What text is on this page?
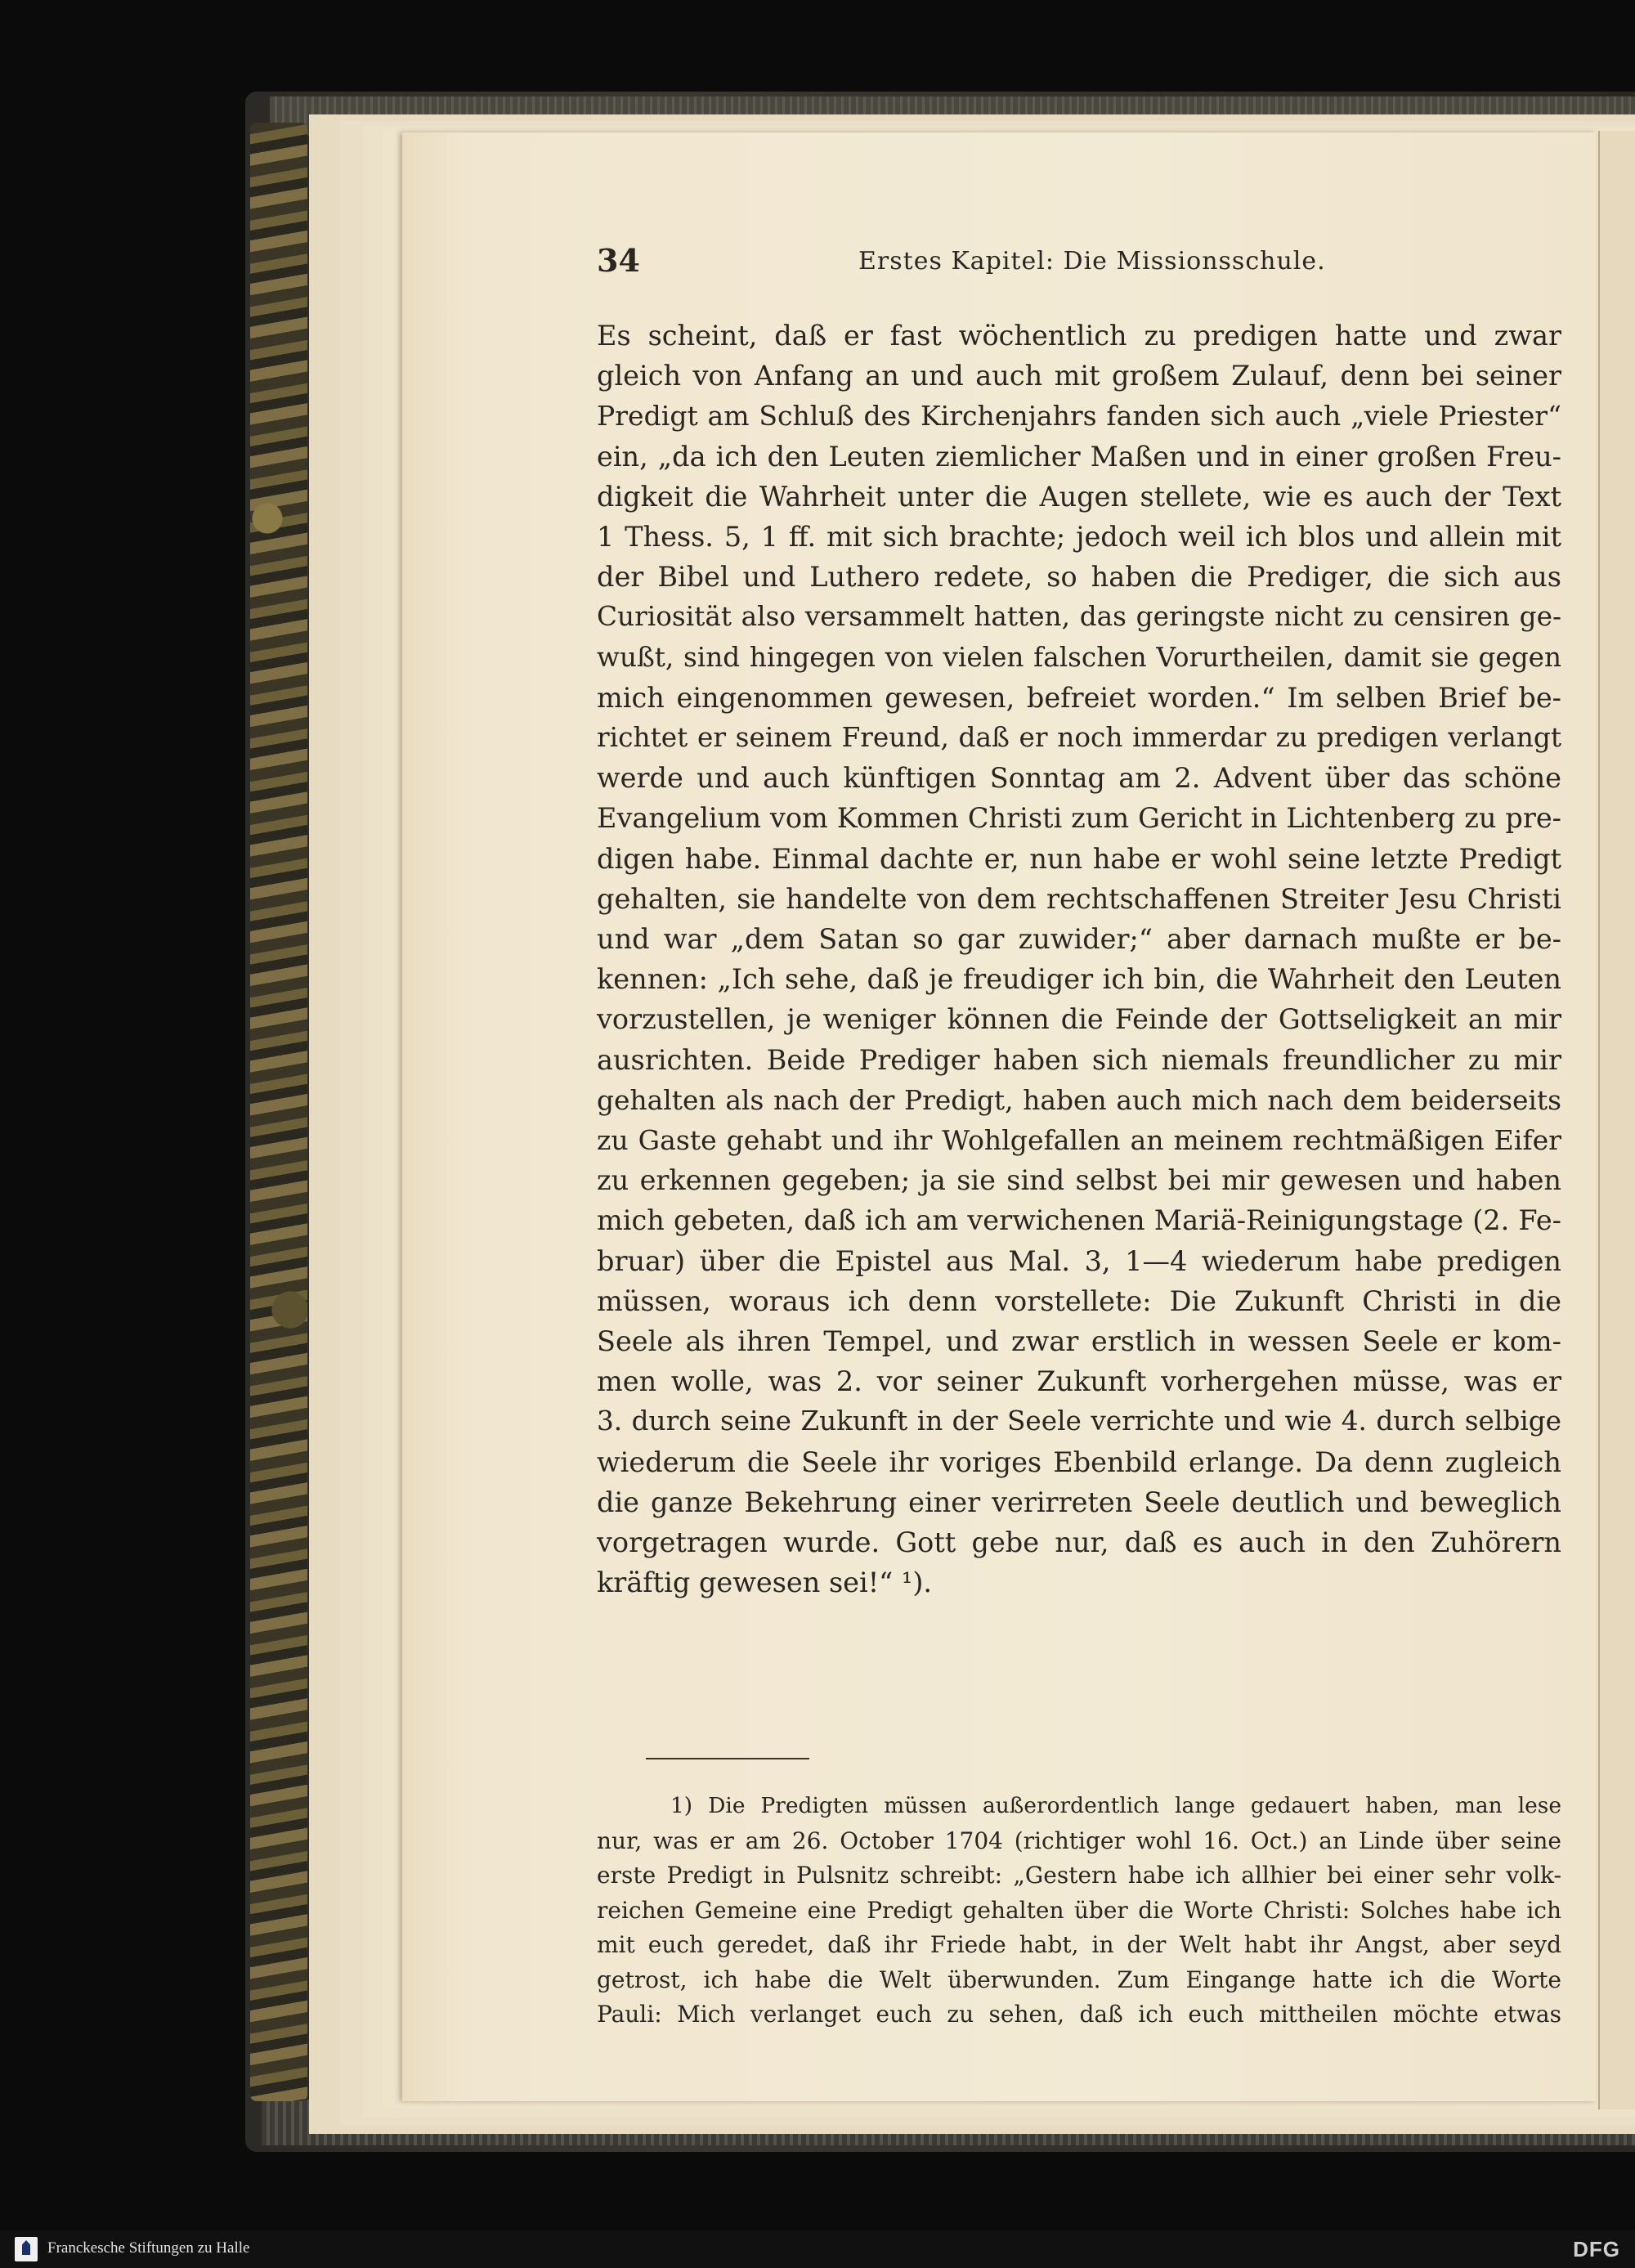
34	Erstes Kapitel: Die Missionsschule.
Es scheint, daß er fast wöchentlich zu predigen hatte und zwar
gleich von Anfang an und auch mit großem Zulauf, denn bei seiner
Predigt am Schluß des Kirchenjahrs fanden sich auch „viele Priester“
ein, „da ich den Leuten ziemlicher Maßen und in einer großen Freu-
digkeit die Wahrheit unter die Augen stellete, wie es auch der Text
1 Thess. 5, 1 ff. mit sich brachte; jedoch weil ich blos und allein mit
der Bibel und Luthero redete, so haben die Prediger, die sich aus
Curiosität also versammelt hatten, das geringste nicht zu censiren ge-
wußt, sind hingegen von vielen falschen Vorurtheilen, damit sie gegen
mich eingenommen gewesen, befreiet worden.“ Im selben Brief be-
richtet er seinem Freund, daß er noch immerdar zu predigen verlangt
werde und auch künftigen Sonntag am 2. Advent über das schöne
Evangelium vom Kommen Christi zum Gericht in Lichtenberg zu pre-
digen habe. Einmal dachte er, nun habe er wohl seine letzte Predigt
gehalten, sie handelte von dem rechtschaffenen Streiter Jesu Christi
und war „dem Satan so gar zuwider;“ aber darnach mußte er be-
kennen: „Ich sehe, daß je freudiger ich bin, die Wahrheit den Leuten
vorzustellen, je weniger können die Feinde der Gottseligkeit an mir
ausrichten. Beide Prediger haben sich niemals freundlicher zu mir
gehalten als nach der Predigt, haben auch mich nach dem beiderseits
zu Gaste gehabt und ihr Wohlgefallen an meinem rechtmäßigen Eifer
zu erkennen gegeben; ja sie sind selbst bei mir gewesen und haben
mich gebeten, daß ich am verwichenen Mariä-Reinigungstage (2. Fe-
bruar) über die Epistel aus Mal. 3, 1—4 wiederum habe predigen
müssen, woraus ich denn vorstellete: Die Zukunft Christi in die
Seele als ihren Tempel, und zwar erstlich in wessen Seele er kom-
men wolle, was 2. vor seiner Zukunft vorhergehen müsse, was er
3. durch seine Zukunft in der Seele verrichte und wie 4. durch selbige
wiederum die Seele ihr voriges Ebenbild erlange. Da denn zugleich
die ganze Bekehrung einer verirreten Seele deutlich und beweglich
vorgetragen wurde. Gott gebe nur, daß es auch in den Zuhörern
kräftig gewesen sei!“ ¹).
1) Die Predigten müssen außerordentlich lange gedauert haben, man lese
nur, was er am 26. October 1704 (richtiger wohl 16. Oct.) an Linde über seine
erste Predigt in Pulsnitz schreibt: „Gestern habe ich allhier bei einer sehr volk-
reichen Gemeine eine Predigt gehalten über die Worte Christi: Solches habe ich
mit euch geredet, daß ihr Friede habt, in der Welt habt ihr Angst, aber seyd
getrost, ich habe die Welt überwunden. Zum Eingange hatte ich die Worte
Pauli: Mich verlanget euch zu sehen, daß ich euch mittheilen möchte etwas
Franckesche Stiftungen zu Halle	DFG
